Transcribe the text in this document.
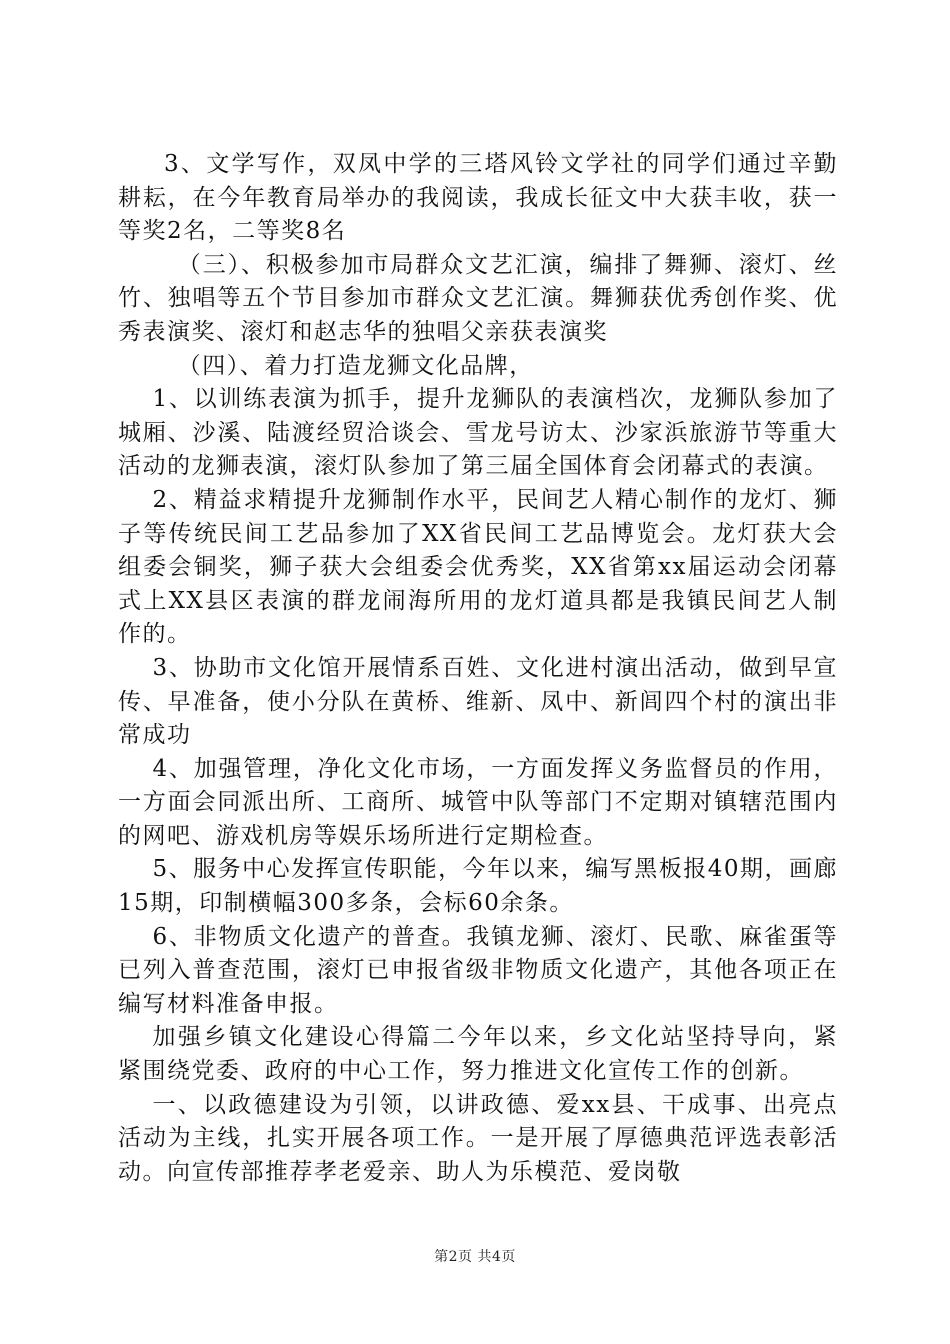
3、文学写作，双凤中学的三塔风铃文学社的同学们通过辛勤耕耘，在今年教育局举办的我阅读，我成长征文中大获丰收，获一等奖2名，二等奖8名

（三）、积极参加市局群众文艺汇演，编排了舞狮、滚灯、丝竹、独唱等五个节目参加市群众文艺汇演。舞狮获优秀创作奖、优秀表演奖、滚灯和赵志华的独唱父亲获表演奖

（四）、着力打造龙狮文化品牌，

1、以训练表演为抓手，提升龙狮队的表演档次，龙狮队参加了城厢、沙溪、陆渡经贸洽谈会、雪龙号访太、沙家浜旅游节等重大活动的龙狮表演，滚灯队参加了第三届全国体育会闭幕式的表演。

2、精益求精提升龙狮制作水平，民间艺人精心制作的龙灯、狮子等传统民间工艺品参加了XX省民间工艺品博览会。龙灯获大会组委会铜奖，狮子获大会组委会优秀奖，XX省第xx届运动会闭幕式上XX县区表演的群龙闹海所用的龙灯道具都是我镇民间艺人制作的。

3、协助市文化馆开展情系百姓、文化进村演出活动，做到早宣传、早准备，使小分队在黄桥、维新、凤中、新闾四个村的演出非常成功

4、加强管理，净化文化市场，一方面发挥义务监督员的作用，一方面会同派出所、工商所、城管中队等部门不定期对镇辖范围内的网吧、游戏机房等娱乐场所进行定期检查。

5、服务中心发挥宣传职能，今年以来，编写黑板报40期，画廊15期，印制横幅300多条，会标60余条。

6、非物质文化遗产的普查。我镇龙狮、滚灯、民歌、麻雀蛋等已列入普查范围，滚灯已申报省级非物质文化遗产，其他各项正在编写材料准备申报。

加强乡镇文化建设心得篇二今年以来，乡文化站坚持导向，紧紧围绕党委、政府的中心工作，努力推进文化宣传工作的创新。

一、以政德建设为引领，以讲政德、爱xx县、干成事、出亮点活动为主线，扎实开展各项工作。一是开展了厚德典范评选表彰活动。向宣传部推荐孝老爱亲、助人为乐模范、爱岗敬

第2页 共4页
